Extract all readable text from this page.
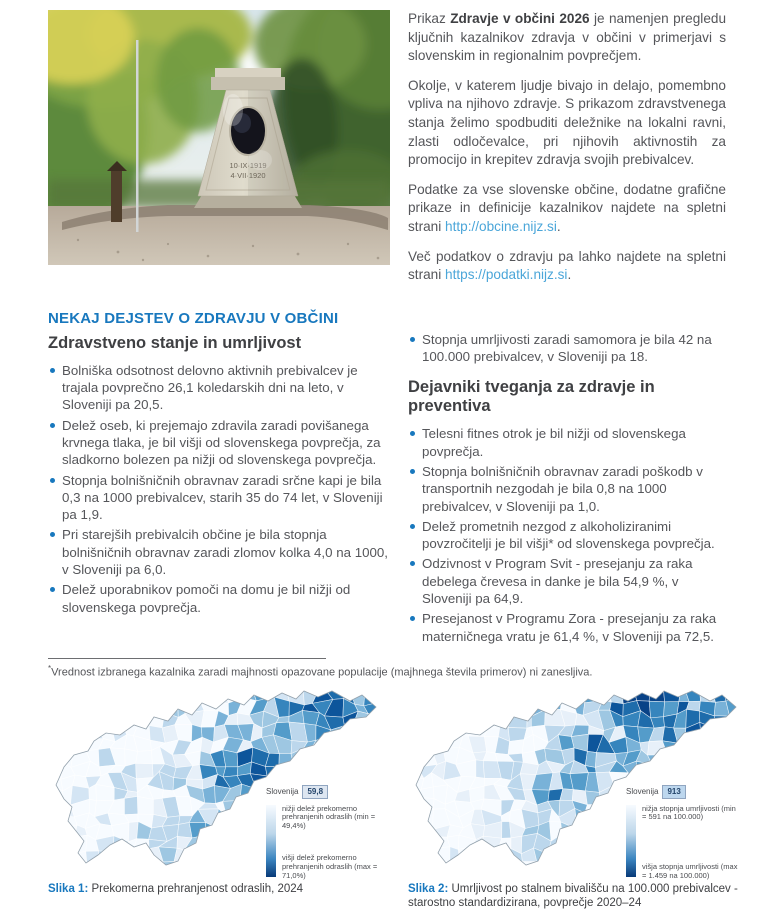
10·IX·1919
4·VII·1920

Prikaz Zdravje v občini 2026 je namenjen pregledu ključnih kazalnikov zdravja v občini v primerjavi s slovenskim in regionalnim povprečjem.

Okolje, v katerem ljudje bivajo in delajo, pomembno vpliva na njihovo zdravje. S prikazom zdravstvenega stanja želimo spodbuditi deležnike na lokalni ravni, zlasti odločevalce, pri njihovih aktivnostih za promocijo in krepitev zdravja svojih prebivalcev.

Podatke za vse slovenske občine, dodatne grafične prikaze in definicije kazalnikov najdete na spletni strani http://obcine.nijz.si.

Več podatkov o zdravju pa lahko najdete na spletni strani https://podatki.nijz.si.

NEKAJ DEJSTEV O ZDRAVJU V OBČINI
Zdravstveno stanje in umrljivost
Bolniška odsotnost delovno aktivnih prebivalcev je trajala povprečno 26,1 koledarskih dni na leto, v Sloveniji pa 20,5.
Delež oseb, ki prejemajo zdravila zaradi povišanega krvnega tlaka, je bil višji od slovenskega povprečja, za sladkorno bolezen pa nižji od slovenskega povprečja.
Stopnja bolnišničnih obravnav zaradi srčne kapi je bila 0,3 na 1000 prebivalcev, starih 35 do 74 let, v Sloveniji pa 1,9.
Pri starejših prebivalcih občine je bila stopnja bolnišničnih obravnav zaradi zlomov kolka 4,0 na 1000, v Sloveniji pa 6,0.
Delež uporabnikov pomoči na domu je bil nižji od slovenskega povprečja.
Stopnja umrljivosti zaradi samomora je bila 42 na 100.000 prebivalcev, v Sloveniji pa 18.
Dejavniki tveganja za zdravje in preventiva
Telesni fitnes otrok je bil nižji od slovenskega povprečja.
Stopnja bolnišničnih obravnav zaradi poškodb v transportnih nezgodah je bila 0,8 na 1000 prebivalcev, v Sloveniji pa 1,0.
Delež prometnih nezgod z alkoholiziranimi povzročitelji je bil višji* od slovenskega povprečja.
Odzivnost v Program Svit - presejanju za raka debelega črevesa in danke je bila 54,9 %, v Sloveniji pa 64,9.
Presejanost v Programu Zora - presejanju za raka materničnega vratu je 61,4 %, v Sloveniji pa 72,5.
*Vrednost izbranega kazalnika zaradi majhnosti opazovane populacije (majhnega števila primerov) ni zanesljiva.
Slovenija	59,8
nižji delež prekomerno prehranjenih odraslih (min = 49,4%)
višji delež prekomerno prehranjenih odraslih (max = 71,0%)
Slika 1: Prekomerna prehranjenost odraslih, 2024
Slovenija	913
nižja stopnja umrljivosti (min = 591 na 100.000)
višja stopnja umrljivosti (max = 1.459 na 100.000)
Slika 2: Umrljivost po stalnem bivališču na 100.000 prebivalcev - starostno standardizirana, povprečje 2020–24
